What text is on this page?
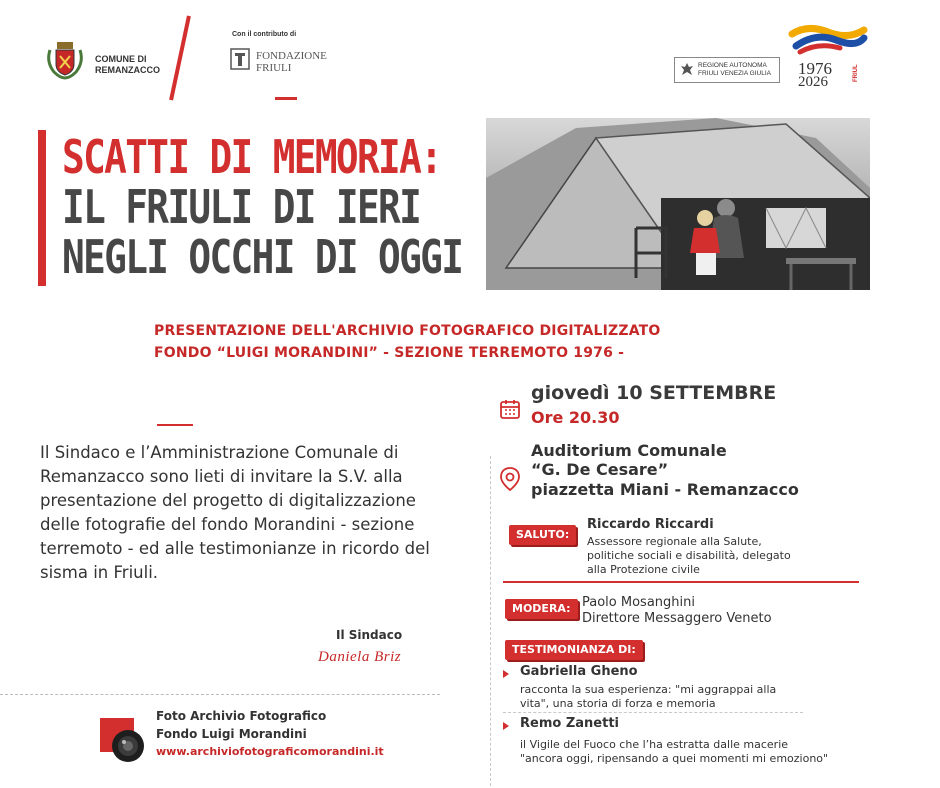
COMUNE DI REMANZACCO
Con il contributo di
FONDAZIONE
FRIULI	REGIONE AUTONOMA
FRIULI VENEZIA GIULIA 1976
2026	FRIUL
SCATTI DI MEMORIA:
IL FRIULI DI IERI
NEGLI OCCHI DI OGGI
PRESENTAZIONE DELL'ARCHIVIO FOTOGRAFICO DIGITALIZZATO
FONDO “LUIGI MORANDINI” - SEZIONE TERREMOTO 1976 -
Il Sindaco e l’Amministrazione Comunale di Remanzacco sono lieti di invitare la S.V. alla presentazione del progetto di digitalizzazione delle fotografie del fondo Morandini - sezione terremoto - ed alle testimonianze in ricordo del sisma in Friuli.
Il Sindaco
Daniela Briz
Foto Archivio Fotografico
Fondo Luigi Morandini
www.archiviofotograficomorandini.it
giovedì 10 SETTEMBRE
Ore 20.30
Auditorium Comunale
“G. De Cesare”
piazzetta Miani - Remanzacco
SALUTO:
Riccardo Riccardi
Assessore regionale alla Salute,
politiche sociali e disabilità, delegato
alla Protezione civile
MODERA: Paolo Mosanghini
Direttore Messaggero Veneto
TESTIMONIANZA DI:
Gabriella Gheno
racconta la sua esperienza: "mi aggrappai alla
vita", una storia di forza e memoria
Remo Zanetti
il Vigile del Fuoco che l’ha estratta dalle macerie
"ancora oggi, ripensando a quei momenti mi emoziono"
